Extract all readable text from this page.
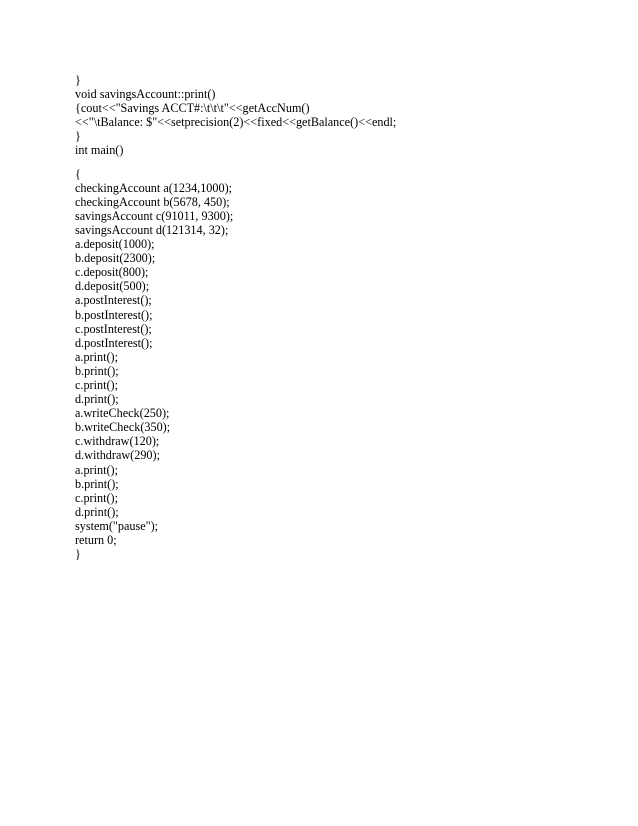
}
void savingsAccount::print()
{cout<<"Savings ACCT#:\t\t\t"<<getAccNum()
<<"\tBalance: $"<<setprecision(2)<<fixed<<getBalance()<<endl;
}
int main()
{
checkingAccount a(1234,1000);
checkingAccount b(5678, 450);
savingsAccount c(91011, 9300);
savingsAccount d(121314, 32);
a.deposit(1000);
b.deposit(2300);
c.deposit(800);
d.deposit(500);
a.postInterest();
b.postInterest();
c.postInterest();
d.postInterest();
a.print();
b.print();
c.print();
d.print();
a.writeCheck(250);
b.writeCheck(350);
c.withdraw(120);
d.withdraw(290);
a.print();
b.print();
c.print();
d.print();
system("pause");
return 0;
}
